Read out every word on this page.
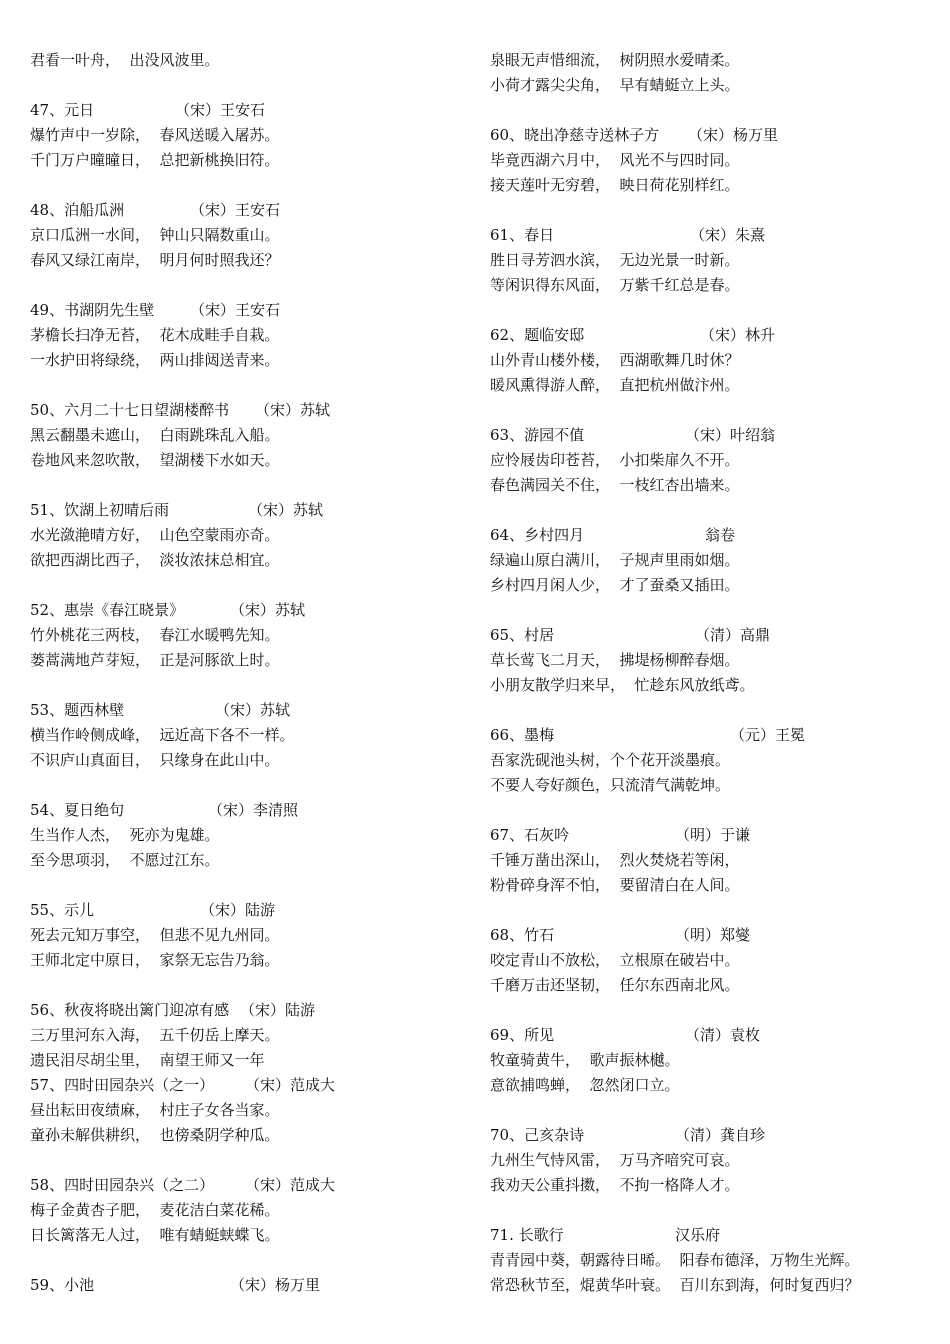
君看一叶舟，  出没风波里。
47、元日	（宋）王安石
爆竹声中一岁除，  春风送暖入屠苏。
千门万户曈曈日，  总把新桃换旧符。
48、泊船瓜洲	（宋）王安石
京口瓜洲一水间，  钟山只隔数重山。
春风又绿江南岸，  明月何时照我还？
49、书湖阴先生壁 （宋）王安石
茅檐长扫净无苔，  花木成畦手自栽。
一水护田将绿绕，  两山排闼送青来。
50、六月二十七日望湖楼醉书 （宋）苏轼
黑云翻墨未遮山，  白雨跳珠乱入船。
卷地风来忽吹散，  望湖楼下水如天。
51、饮湖上初晴后雨	（宋）苏轼
水光潋滟晴方好，  山色空蒙雨亦奇。
欲把西湖比西子，  淡妆浓抹总相宜。
52、惠崇《春江晓景》	（宋）苏轼
竹外桃花三两枝，  春江水暖鸭先知。
蒌蒿满地芦芽短，  正是河豚欲上时。
53、题西林壁	（宋）苏轼
横当作岭侧成峰，  远近高下各不一样。
不识庐山真面目，  只缘身在此山中。
54、夏日绝句	（宋）李清照
生当作人杰，  死亦为鬼雄。
至今思项羽，  不愿过江东。
55、示儿	（宋）陆游
死去元知万事空，  但悲不见九州同。
王师北定中原日，  家祭无忘告乃翁。
56、秋夜将晓出篱门迎凉有感 （宋）陆游
三万里河东入海，  五千仞岳上摩天。
遗民泪尽胡尘里，  南望王师又一年
57、四时田园杂兴（之一） （宋）范成大
昼出耘田夜绩麻，  村庄子女各当家。
童孙未解供耕织，  也傍桑阴学种瓜。
58、四时田园杂兴（之二） （宋）范成大
梅子金黄杏子肥，  麦花洁白菜花稀。
日长篱落无人过，  唯有蜻蜓蛱蝶飞。
59、小池	（宋）杨万里
泉眼无声惜细流，  树阴照水爱晴柔。
小荷才露尖尖角，  早有蜻蜓立上头。
60、晓出净慈寺送林子方 （宋）杨万里
毕竟西湖六月中，  风光不与四时同。
接天莲叶无穷碧，  映日荷花别样红。
61、春日	（宋）朱熹
胜日寻芳泗水滨，  无边光景一时新。
等闲识得东风面，  万紫千红总是春。
62、题临安邸	（宋）林升
山外青山楼外楼，  西湖歌舞几时休？
暖风熏得游人醉，  直把杭州做汴州。
63、游园不值	（宋）叶绍翁
应怜屐齿印苍苔，  小扣柴扉久不开。
春色满园关不住，  一枝红杏出墙来。
64、乡村四月	翁卷
绿遍山原白满川，  子规声里雨如烟。
乡村四月闲人少，  才了蚕桑又插田。
65、村居	（清）高鼎
草长莺飞二月天，  拂堤杨柳醉春烟。
小朋友散学归来早，  忙趁东风放纸鸢。
66、墨梅	（元）王冕
吾家洗砚池头树，个个花开淡墨痕。
不要人夸好颜色，只流清气满乾坤。
67、石灰吟	（明）于谦
千锤万凿出深山，  烈火焚烧若等闲，
粉骨碎身浑不怕，  要留清白在人间。
68、竹石	（明）郑燮
咬定青山不放松，  立根原在破岩中。
千磨万击还坚韧，  任尔东西南北风。
69、所见	（清）袁枚
牧童骑黄牛，  歌声振林樾。
意欲捕鸣蝉，  忽然闭口立。
70、己亥杂诗	（清）龚自珍
九州生气恃风雷，  万马齐喑究可哀。
我劝天公重抖擞，  不拘一格降人才。
71. 长歌行	汉乐府
青青园中葵，朝露待日晞。  阳春布德泽，万物生光辉。
常恐秋节至，焜黄华叶衰。  百川东到海，何时复西归？
